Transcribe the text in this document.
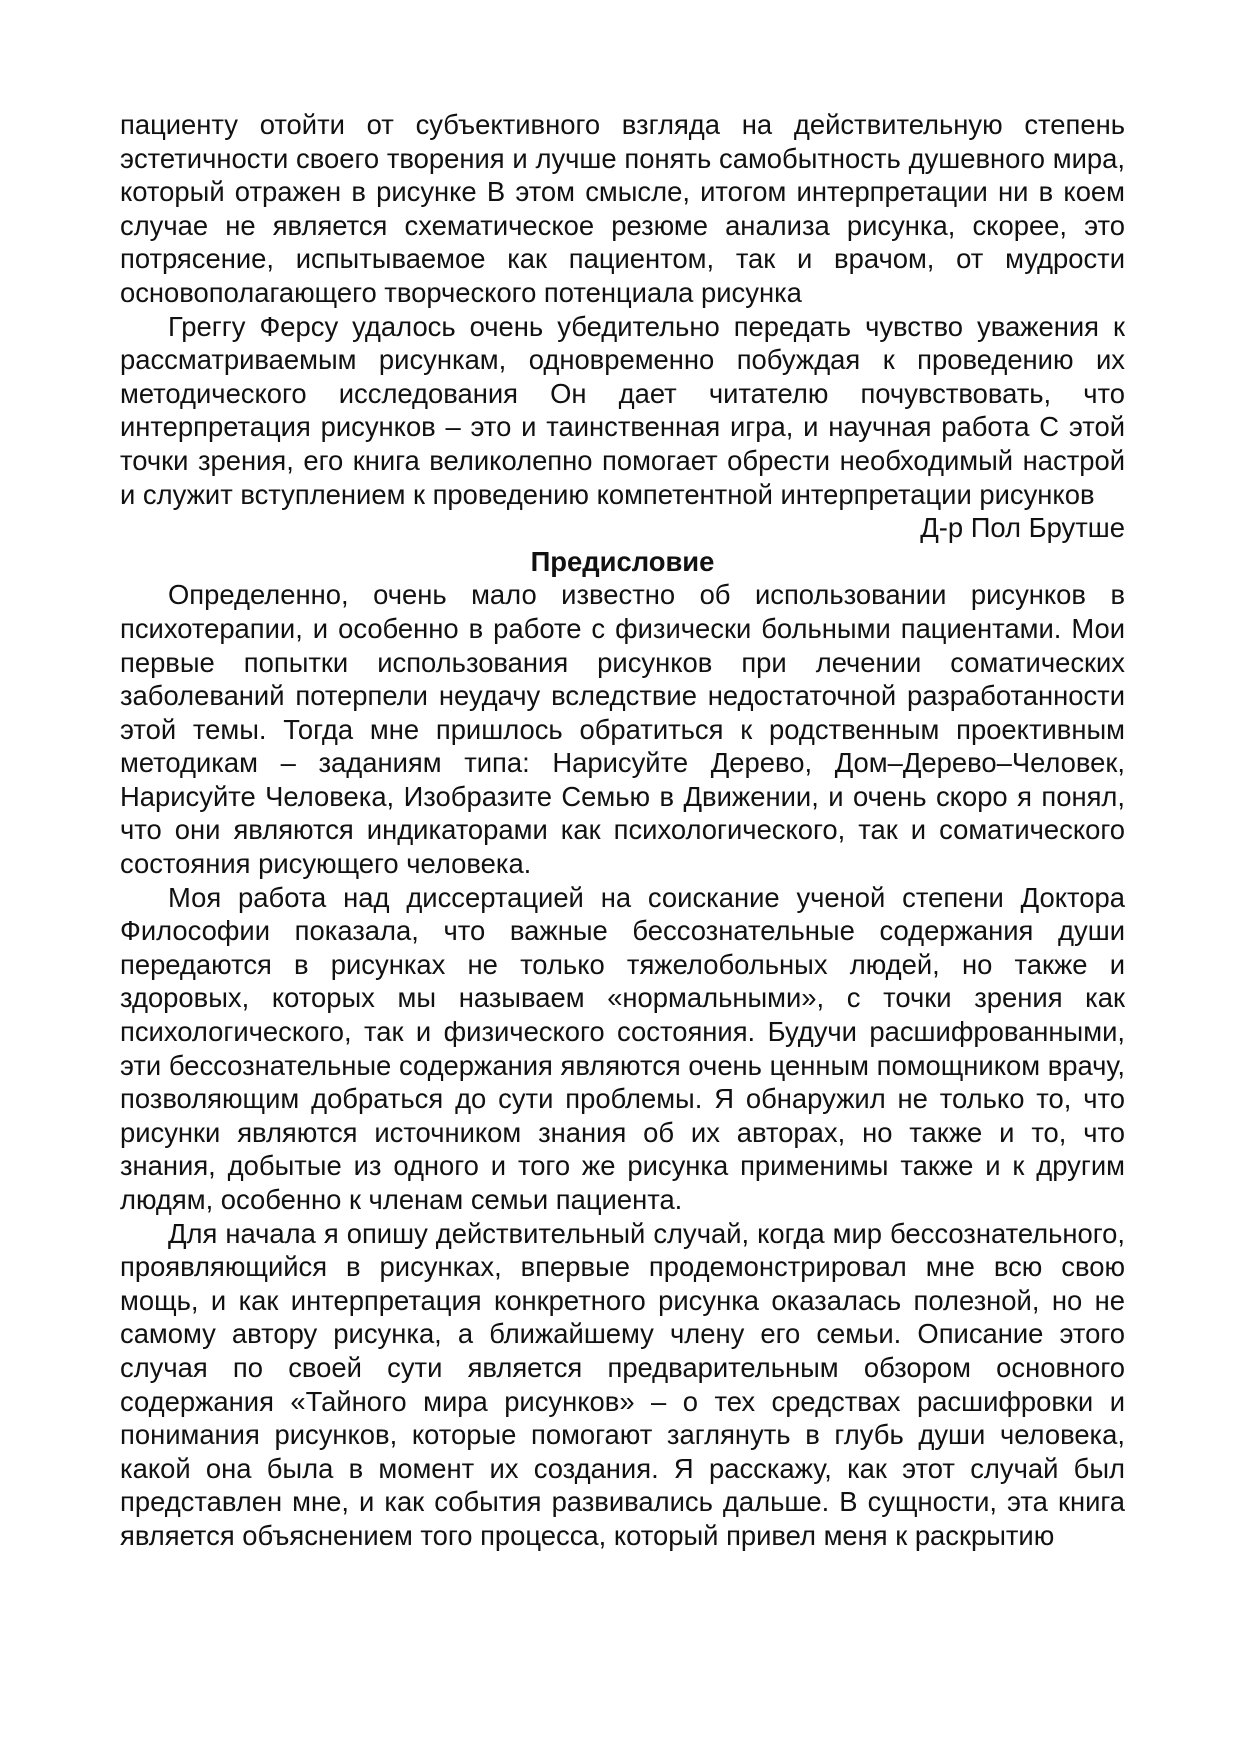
пациенту отойти от субъективного взгляда на действительную степень эстетичности своего творения и лучше понять самобытность душевного мира, который отражен в рисунке В этом смысле, итогом интерпретации ни в коем случае не является схематическое резюме анализа рисунка, скорее, это потрясение, испытываемое как пациентом, так и врачом, от мудрости основополагающего творческого потенциала рисунка

Греггу Ферсу удалось очень убедительно передать чувство уважения к рассматриваемым рисункам, одновременно побуждая к проведению их методического исследования Он дает читателю почувствовать, что интерпретация рисунков – это и таинственная игра, и научная работа С этой точки зрения, его книга великолепно помогает обрести необходимый настрой и служит вступлением к проведению компетентной интерпретации рисунков

Д-р Пол Брутше

Предисловие

Определенно, очень мало известно об использовании рисунков в психотерапии, и особенно в работе с физически больными пациентами. Мои первые попытки использования рисунков при лечении соматических заболеваний потерпели неудачу вследствие недостаточной разработанности этой темы. Тогда мне пришлось обратиться к родственным проективным методикам – заданиям типа: Нарисуйте Дерево, Дом–Дерево–Человек, Нарисуйте Человека, Изобразите Семью в Движении, и очень скоро я понял, что они являются индикаторами как психологического, так и соматического состояния рисующего человека.

Моя работа над диссертацией на соискание ученой степени Доктора Философии показала, что важные бессознательные содержания души передаются в рисунках не только тяжелобольных людей, но также и здоровых, которых мы называем «нормальными», с точки зрения как психологического, так и физического состояния. Будучи расшифрованными, эти бессознательные содержания являются очень ценным помощником врачу, позволяющим добраться до сути проблемы. Я обнаружил не только то, что рисунки являются источником знания об их авторах, но также и то, что знания, добытые из одного и того же рисунка применимы также и к другим людям, особенно к членам семьи пациента.

Для начала я опишу действительный случай, когда мир бессознательного, проявляющийся в рисунках, впервые продемонстрировал мне всю свою мощь, и как интерпретация конкретного рисунка оказалась полезной, но не самому автору рисунка, а ближайшему члену его семьи. Описание этого случая по своей сути является предварительным обзором основного содержания «Тайного мира рисунков» – о тех средствах расшифровки и понимания рисунков, которые помогают заглянуть в глубь души человека, какой она была в момент их создания. Я расскажу, как этот случай был представлен мне, и как события развивались дальше. В сущности, эта книга является объяснением того процесса, который привел меня к раскрытию
